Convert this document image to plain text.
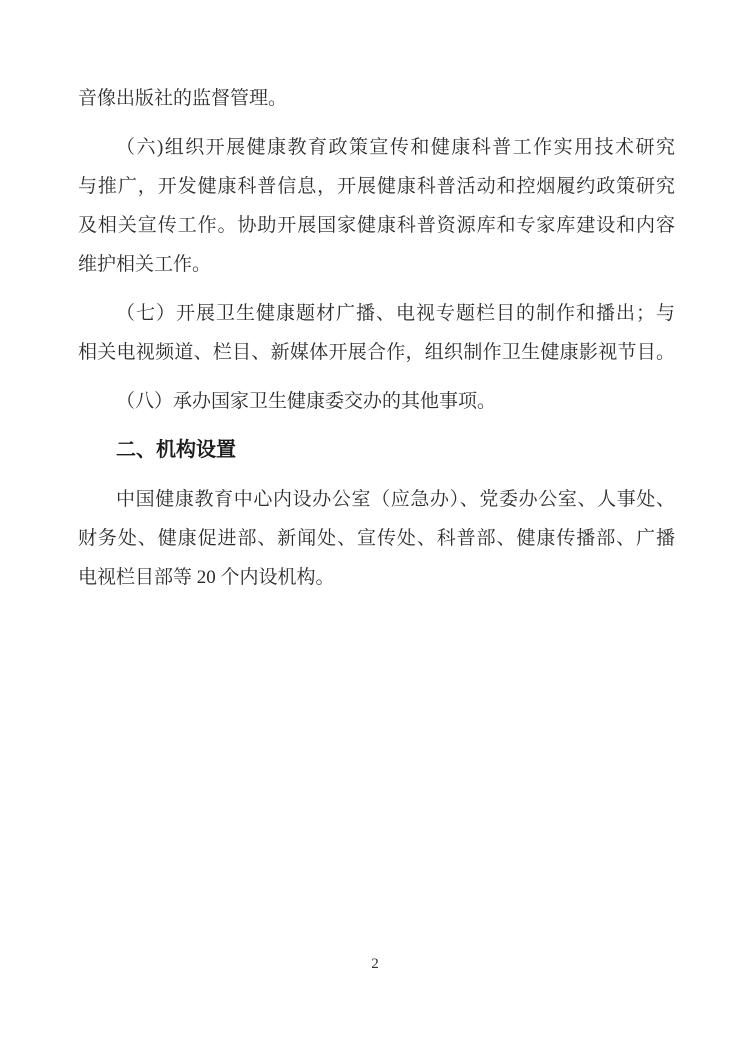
音像出版社的监督管理。
（六)组织开展健康教育政策宣传和健康科普工作实用技术研究
与推广，开发健康科普信息，开展健康科普活动和控烟履约政策研究
及相关宣传工作。协助开展国家健康科普资源库和专家库建设和内容
维护相关工作。
（七）开展卫生健康题材广播、电视专题栏目的制作和播出；与
相关电视频道、栏目、新媒体开展合作，组织制作卫生健康影视节目。
（八）承办国家卫生健康委交办的其他事项。
二、机构设置
中国健康教育中心内设办公室（应急办）、党委办公室、人事处、
财务处、健康促进部、新闻处、宣传处、科普部、健康传播部、广播
电视栏目部等 20 个内设机构。
2
